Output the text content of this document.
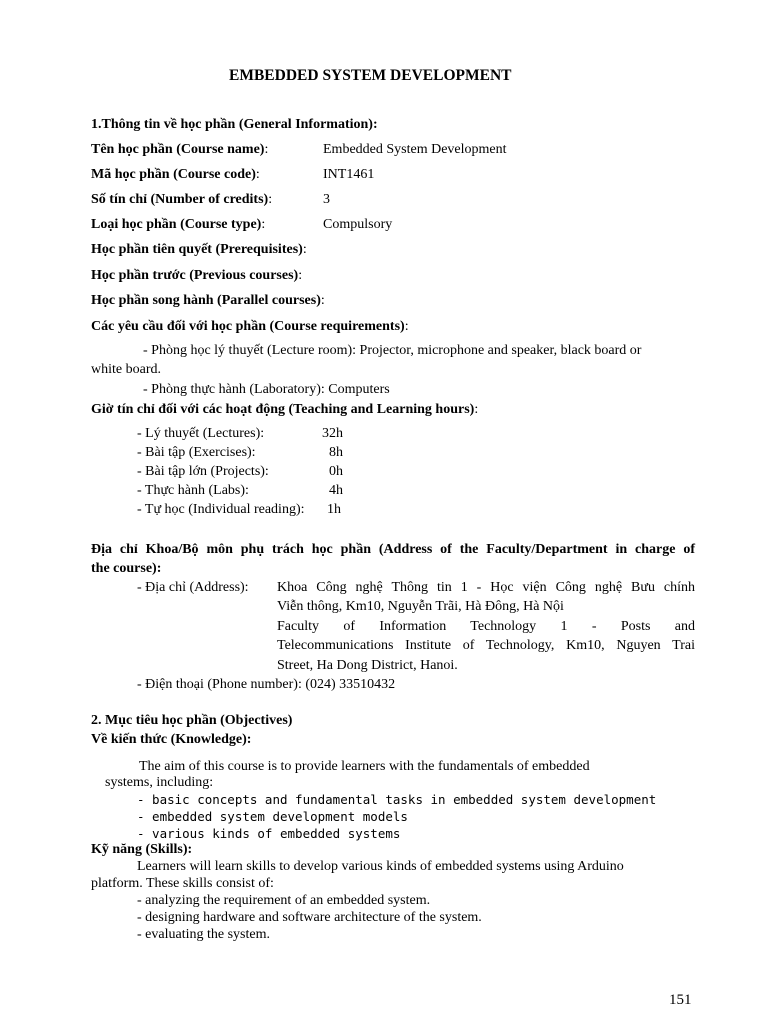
EMBEDDED SYSTEM DEVELOPMENT
1.Thông tin về học phần (General Information):
Tên học phần (Course name):	Embedded System Development
Mã học phần (Course code):	INT1461
Số tín chỉ (Number of credits):	3
Loại học phần (Course type):	Compulsory
Học phần tiên quyết (Prerequisites):
Học phần trước (Previous courses):
Học phần song hành (Parallel courses):
Các yêu cầu đối với học phần (Course requirements):
- Phòng học lý thuyết (Lecture room): Projector, microphone and speaker, black board or
white board.
- Phòng thực hành (Laboratory): Computers
Giờ tín chỉ đối với các hoạt động (Teaching and Learning hours):
- Lý thuyết (Lectures):	32h
- Bài tập (Exercises):	8h
- Bài tập lớn (Projects):	0h
- Thực hành (Labs):	4h
- Tự học (Individual reading): 1h
Địa chỉ Khoa/Bộ môn phụ trách học phần (Address of the Faculty/Department in charge of
the course):
- Địa chỉ (Address): Khoa Công nghệ Thông tin 1 - Học viện Công nghệ Bưu chính
Viễn thông, Km10, Nguyễn Trãi, Hà Đông, Hà Nội
Faculty of Information Technology 1 - Posts and
Telecommunications Institute of Technology, Km10, Nguyen Trai
Street, Ha Dong District, Hanoi.
- Điện thoại (Phone number): (024) 33510432
2. Mục tiêu học phần (Objectives)
Về kiến thức (Knowledge):
The aim of this course is to provide learners with the fundamentals of embedded
systems, including:
- basic concepts and fundamental tasks in embedded system development
- embedded system development models
- various kinds of embedded systems
Kỹ năng (Skills):
Learners will learn skills to develop various kinds of embedded systems using Arduino
platform. These skills consist of:
- analyzing the requirement of an embedded system.
- designing hardware and software architecture of the system.
- evaluating the system.
151
